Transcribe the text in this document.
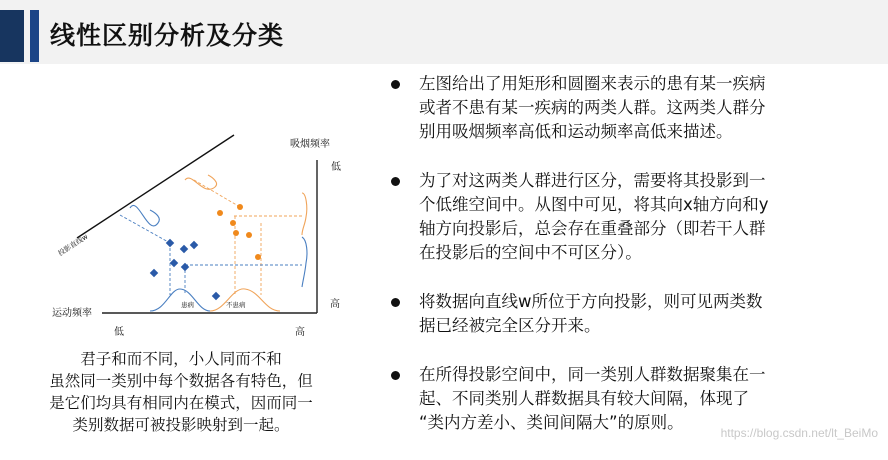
线性区别分析及分类
吸烟频率
低
高
运动频率
低	高
投影直线w
患病	不患病
君子和而不同，小人同而不和
虽然同一类别中每个数据各有特色，但
是它们均具有相同内在模式，因而同一
类别数据可被投影映射到一起。
左图给出了用矩形和圆圈来表示的患有某一疾病
或者不患有某一疾病的两类人群。这两类人群分
别用吸烟频率高低和运动频率高低来描述。
为了对这两类人群进行区分，需要将其投影到一
个低维空间中。从图中可见，将其向x轴方向和y
轴方向投影后，总会存在重叠部分（即若干人群
在投影后的空间中不可区分）。
将数据向直线w所位于方向投影，则可见两类数
据已经被完全区分开来。
在所得投影空间中，同一类别人群数据聚集在一
起、不同类别人群数据具有较大间隔，体现了
“类内方差小、类间间隔大”的原则。
https://blog.csdn.net/lt_BeiMo
